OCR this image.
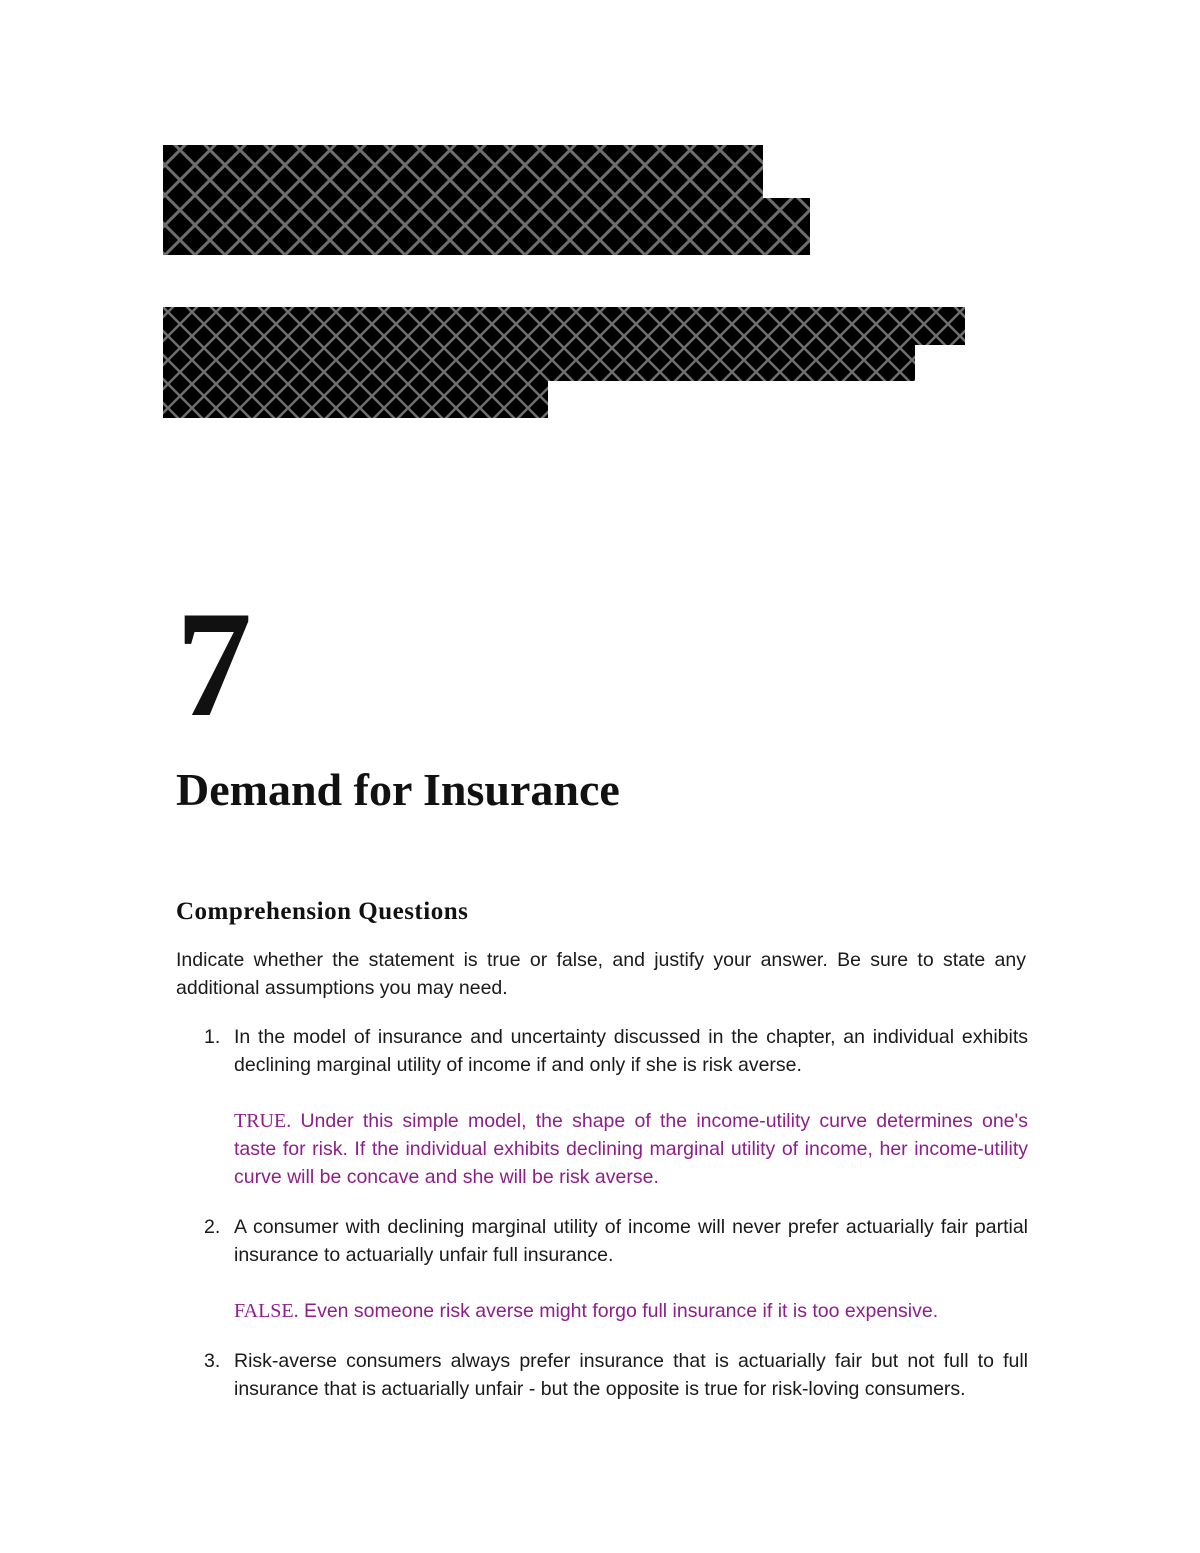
7
Demand for Insurance
Comprehension Questions

Indicate whether the statement is true or false, and justify your answer. Be sure to state any additional assumptions you may need.

1. In the model of insurance and uncertainty discussed in the chapter, an individual exhibits declining marginal utility of income if and only if she is risk averse.

TRUE. Under this simple model, the shape of the income-utility curve determines one's taste for risk. If the individual exhibits declining marginal utility of income, her income-utility curve will be concave and she will be risk averse.

2. A consumer with declining marginal utility of income will never prefer actuarially fair partial insurance to actuarially unfair full insurance.

FALSE. Even someone risk averse might forgo full insurance if it is too expensive.

3. Risk-averse consumers always prefer insurance that is actuarially fair but not full to full insurance that is actuarially unfair - but the opposite is true for risk-loving consumers.
